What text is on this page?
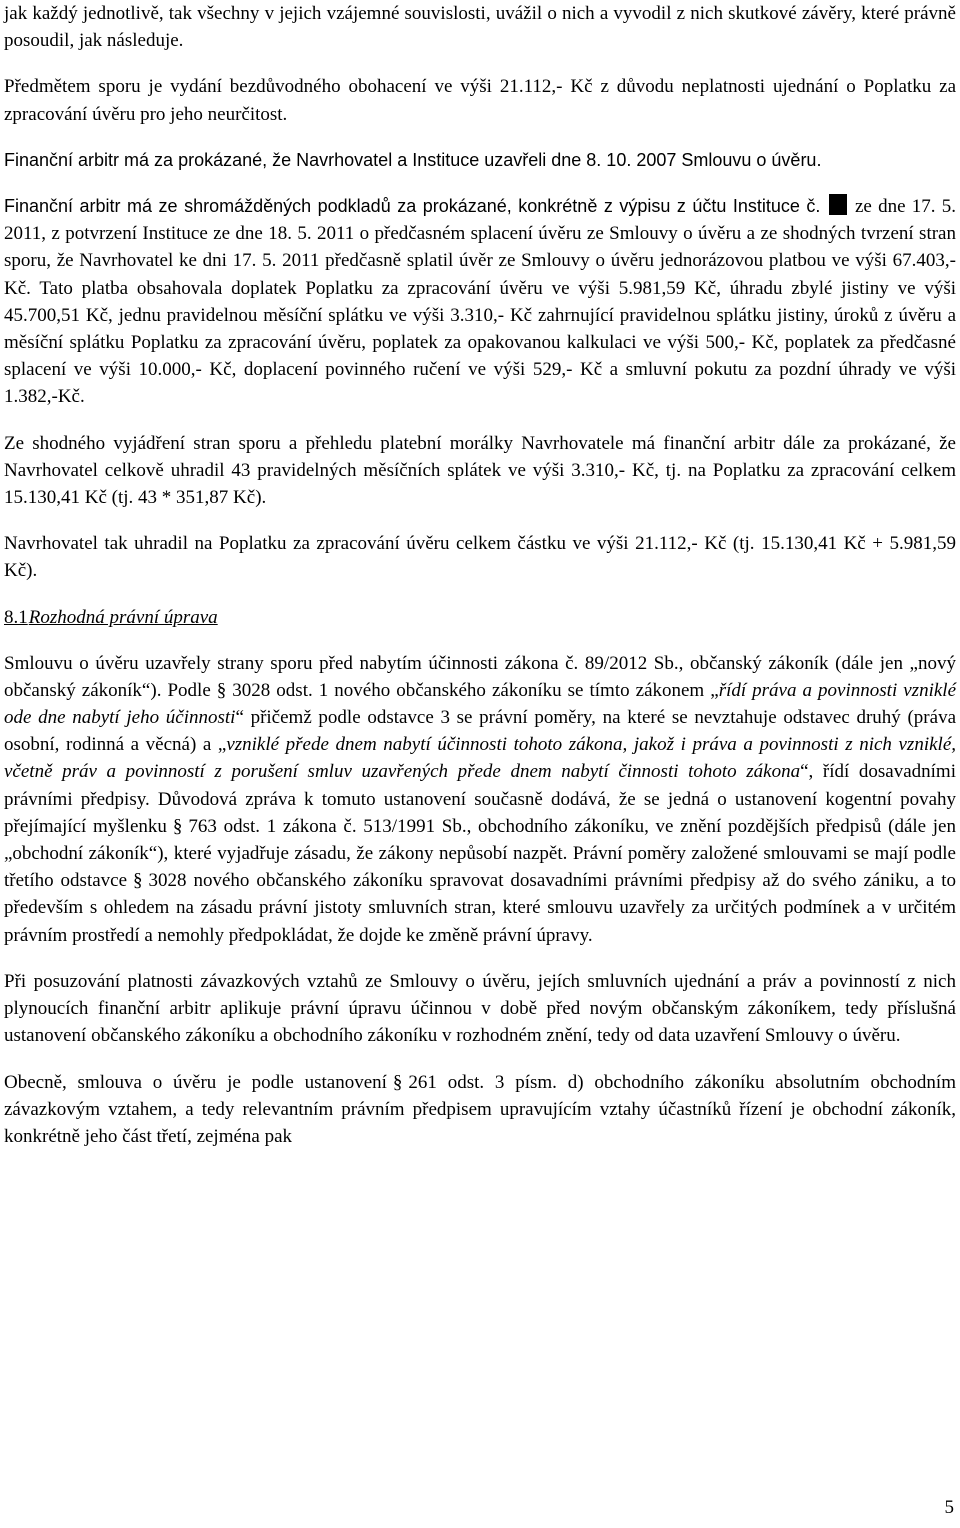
jak každý jednotlivě, tak všechny v jejich vzájemné souvislosti, uvážil o nich a vyvodil z nich skutkové závěry, které právně posoudil, jak následuje.

Předmětem sporu je vydání bezdůvodného obohacení ve výši 21.112,- Kč z důvodu neplatnosti ujednání o Poplatku za zpracování úvěru pro jeho neurčitost.

Finanční arbitr má za prokázané, že Navrhovatel a Instituce uzavřeli dne 8. 10. 2007 Smlouvu o úvěru.

Finanční arbitr má ze shromážděných podkladů za prokázané, konkrétně z výpisu z účtu Instituce č. ze dne 17. 5. 2011, z potvrzení Instituce ze dne 18. 5. 2011 o předčasném splacení úvěru ze Smlouvy o úvěru a ze shodných tvrzení stran sporu, že Navrhovatel ke dni 17. 5. 2011 předčasně splatil úvěr ze Smlouvy o úvěru jednorázovou platbou ve výši 67.403,- Kč. Tato platba obsahovala doplatek Poplatku za zpracování úvěru ve výši 5.981,59 Kč, úhradu zbylé jistiny ve výši 45.700,51 Kč, jednu pravidelnou měsíční splátku ve výši 3.310,- Kč zahrnující pravidelnou splátku jistiny, úroků z úvěru a měsíční splátku Poplatku za zpracování úvěru, poplatek za opakovanou kalkulaci ve výši 500,- Kč, poplatek za předčasné splacení ve výši 10.000,- Kč, doplacení povinného ručení ve výši 529,- Kč a smluvní pokutu za pozdní úhrady ve výši 1.382,-Kč.

Ze shodného vyjádření stran sporu a přehledu platební morálky Navrhovatele má finanční arbitr dále za prokázané, že Navrhovatel celkově uhradil 43 pravidelných měsíčních splátek ve výši 3.310,- Kč, tj. na Poplatku za zpracování celkem 15.130,41 Kč (tj. 43 * 351,87 Kč).

Navrhovatel tak uhradil na Poplatku za zpracování úvěru celkem částku ve výši 21.112,- Kč (tj. 15.130,41 Kč + 5.981,59 Kč).

8.1Rozhodná právní úprava

Smlouvu o úvěru uzavřely strany sporu před nabytím účinnosti zákona č. 89/2012 Sb., občanský zákoník (dále jen „nový občanský zákoník“). Podle § 3028 odst. 1 nového občanského zákoníku se tímto zákonem „řídí práva a povinnosti vzniklé ode dne nabytí jeho účinnosti“ přičemž podle odstavce 3 se právní poměry, na které se nevztahuje odstavec druhý (práva osobní, rodinná a věcná) a „vzniklé přede dnem nabytí účinnosti tohoto zákona, jakož i práva a povinnosti z nich vzniklé, včetně práv a povinností z porušení smluv uzavřených přede dnem nabytí činnosti tohoto zákona“, řídí dosavadními právními předpisy. Důvodová zpráva k tomuto ustanovení současně dodává, že se jedná o ustanovení kogentní povahy přejímající myšlenku § 763 odst. 1 zákona č. 513/1991 Sb., obchodního zákoníku, ve znění pozdějších předpisů (dále jen „obchodní zákoník“), které vyjadřuje zásadu, že zákony nepůsobí nazpět. Právní poměry založené smlouvami se mají podle třetího odstavce § 3028 nového občanského zákoníku spravovat dosavadními právními předpisy až do svého zániku, a to především s ohledem na zásadu právní jistoty smluvních stran, které smlouvu uzavřely za určitých podmínek a v určitém právním prostředí a nemohly předpokládat, že dojde ke změně právní úpravy.

Při posuzování platnosti závazkových vztahů ze Smlouvy o úvěru, jejích smluvních ujednání a práv a povinností z nich plynoucích finanční arbitr aplikuje právní úpravu účinnou v době před novým občanským zákoníkem, tedy příslušná ustanovení občanského zákoníku a obchodního zákoníku v rozhodném znění, tedy od data uzavření Smlouvy o úvěru.

Obecně, smlouva o úvěru je podle ustanovení § 261 odst. 3 písm. d) obchodního zákoníku absolutním obchodním závazkovým vztahem, a tedy relevantním právním předpisem upravujícím vztahy účastníků řízení je obchodní zákoník, konkrétně jeho část třetí, zejména pak

5
